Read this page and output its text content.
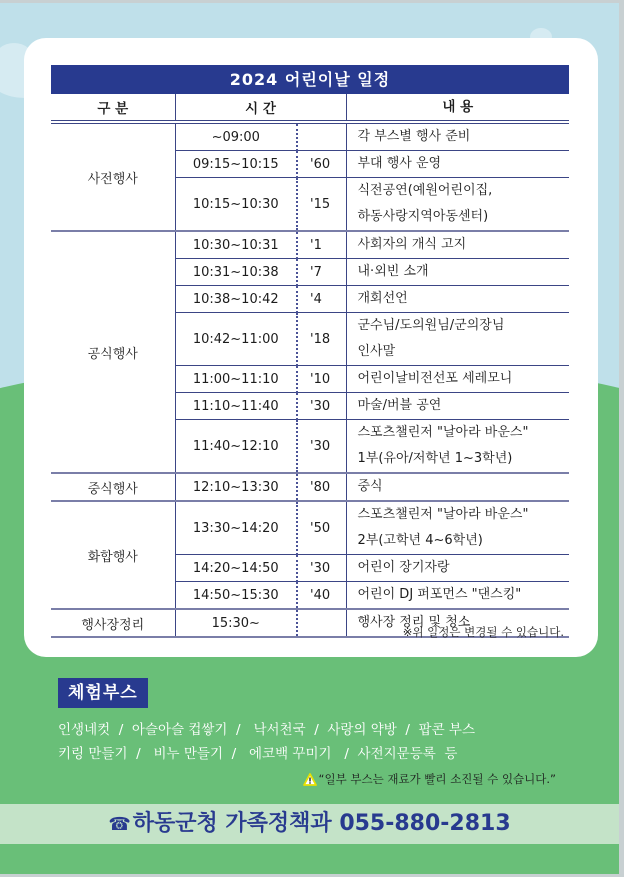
2024 어린이날 일정
구 분	시 간		내 용
사전행사	~09:00		각 부스별 행사 준비
	09:15~10:15	'60	부대 행사 운영
	10:15~10:30	'15	식전공연(예원어린이집,
하동사랑지역아동센터)

공식행사	10:30~10:31	'1	사회자의 개식 고지
	10:31~10:38	'7	내·외빈 소개
	10:38~10:42	'4	개회선언
	10:42~11:00	'18	군수님/도의원님/군의장님
인사말

	11:00~11:10	'10	어린이날비전선포 세레모니
	11:10~11:40	'30	마술/버블 공연
	11:40~12:10	'30	스포츠챌린저 "날아라 바운스"
1부(유아/저학년 1~3학년)

중식행사	12:10~13:30	'80	중식
화합행사	13:30~14:20	'50	스포츠챌린저 "날아라 바운스"
2부(고학년 4~6학년)

	14:20~14:50	'30	어린이 장기자랑
	14:50~15:30	'40	어린이 DJ 퍼포먼스 "댄스킹"
행사장정리	15:30~		행사장 정리 및 청소
※위 일정은 변경될 수 있습니다.
체험부스
인생네컷  /  아슬아슬 컵쌓기  /   낙서천국  /  사랑의 약방  /  팝콘 부스
키링 만들기  /   비누 만들기  /   에코백 꾸미기   /  사전지문등록  등
“일부 부스는 재료가 빨리 소진될 수 있습니다.”
☎하동군청 가족정책과 055-880-2813
